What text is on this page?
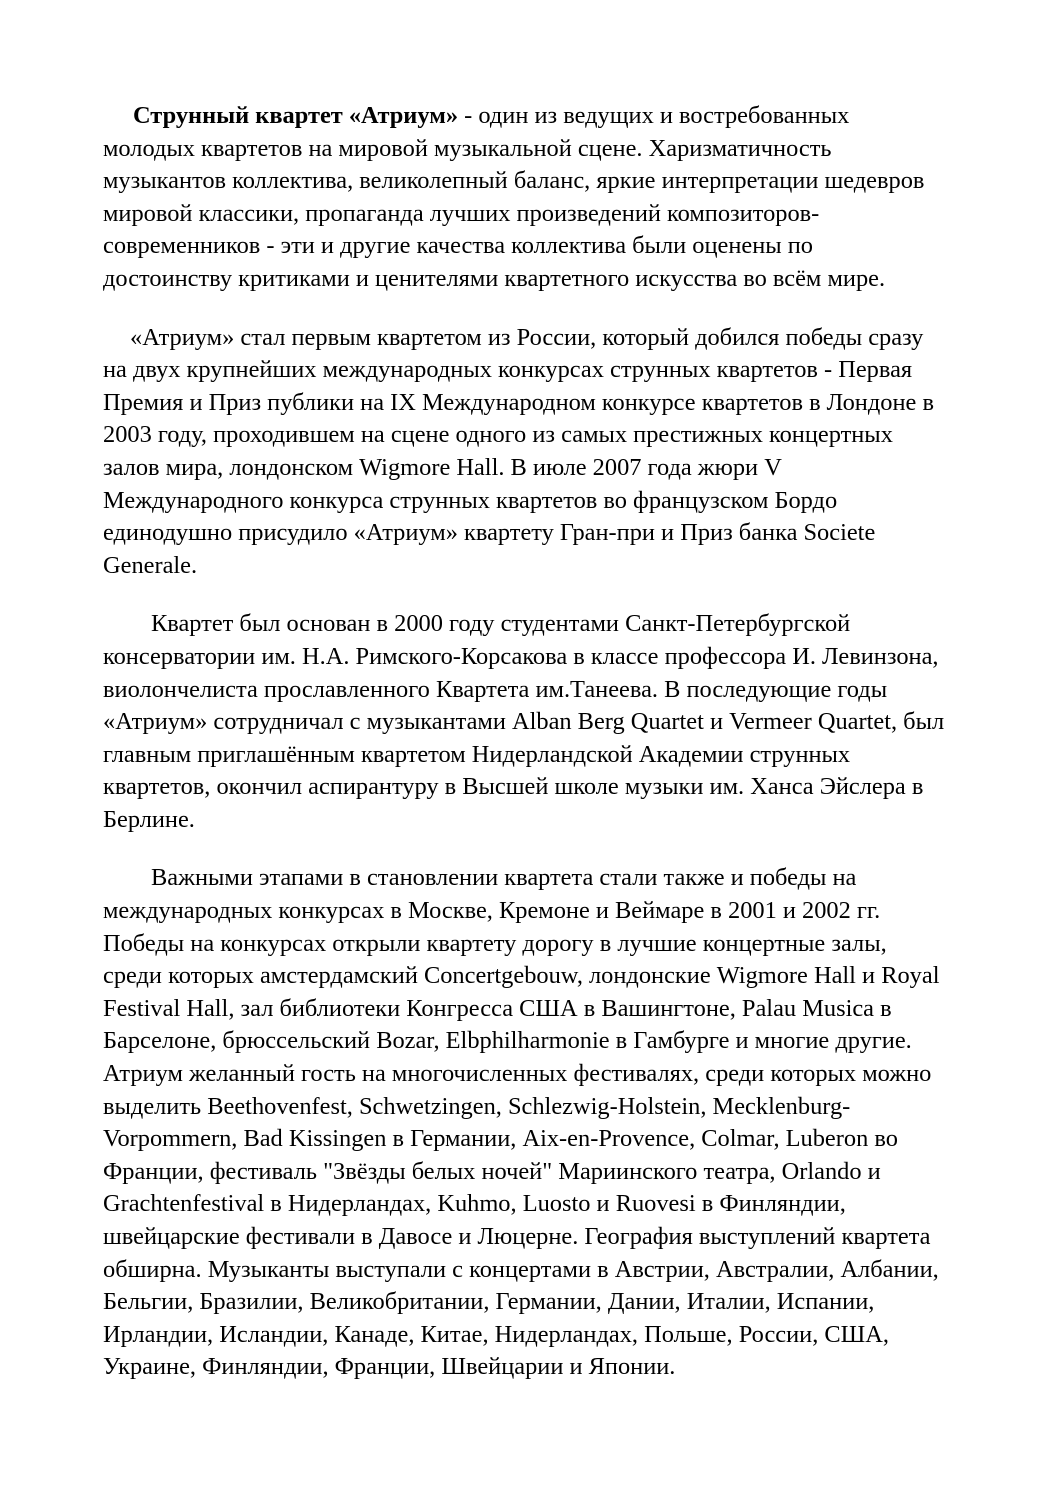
Струнный квартет «Атриум» - один из ведущих и востребованных
молодых квартетов на мировой музыкальной сцене. Харизматичность
музыкантов коллектива, великолепный баланс, яркие интерпретации шедевров
мировой классики, пропаганда лучших произведений композиторов-
современников - эти и другие качества коллектива были оценены по
достоинству критиками и ценителями квартетного искусства во всём мире.
«Атриум» стал первым квартетом из России, который добился победы сразу
на двух крупнейших международных конкурсах струнных квартетов - Первая
Премия и Приз публики на IX Международном конкурсе квартетов в Лондоне в
2003 году, проходившем на сцене одного из самых престижных концертных
залов мира, лондонском Wigmore Hall. В июле 2007 года жюри V
Международного конкурса струнных квартетов во французском Бордо
единодушно присудило «Атриум» квартету Гран-при и Приз банка Societe
Generale.
Квартет был основан в 2000 году студентами Санкт-Петербургской
консерватории им. Н.А. Римского-Корсакова в классе профессора И. Левинзона,
виолончелиста прославленного Квартета им.Танеева. В последующие годы
«Атриум» сотрудничал с музыкантами Alban Berg Quartet и Vermeer Quartet, был
главным приглашённым квартетом Нидерландской Академии струнных
квартетов, окончил аспирантуру в Высшей школе музыки им. Ханса Эйслера в
Берлине.
Важными этапами в становлении квартета стали также и победы на
международных конкурсах в Москве, Кремоне и Веймаре в 2001 и 2002 гг.
Победы на конкурсах открыли квартету дорогу в лучшие концертные залы,
среди которых амстердамский Concertgebouw, лондонские Wigmore Hall и Royal
Festival Hall, зал библиотеки Конгресса США в Вашингтоне, Palau Musica в
Барселоне, брюссельский Bozar, Elbphilharmonie в Гамбурге и многие другие.
Атриум желанный гость на многочисленных фестивалях, среди которых можно
выделить Beethovenfest, Schwetzingen, Schlezwig-Holstein, Mecklenburg-
Vorpommern, Bad Kissingen в Германии, Aix-en-Provence, Colmar, Luberon во
Франции, фестиваль "Звёзды белых ночей" Мариинского театра, Orlando и
Grachtenfestival в Нидерландах, Kuhmo, Luosto и Ruovesi в Финляндии,
швейцарские фестивали в Давосе и Люцерне. География выступлений квартета
обширна. Музыканты выступали с концертами в Австрии, Австралии, Албании,
Бельгии, Бразилии, Великобритании, Германии, Дании, Италии, Испании,
Ирландии, Исландии, Канаде, Китае, Нидерландах, Польше, России, США,
Украине, Финляндии, Франции, Швейцарии и Японии.
